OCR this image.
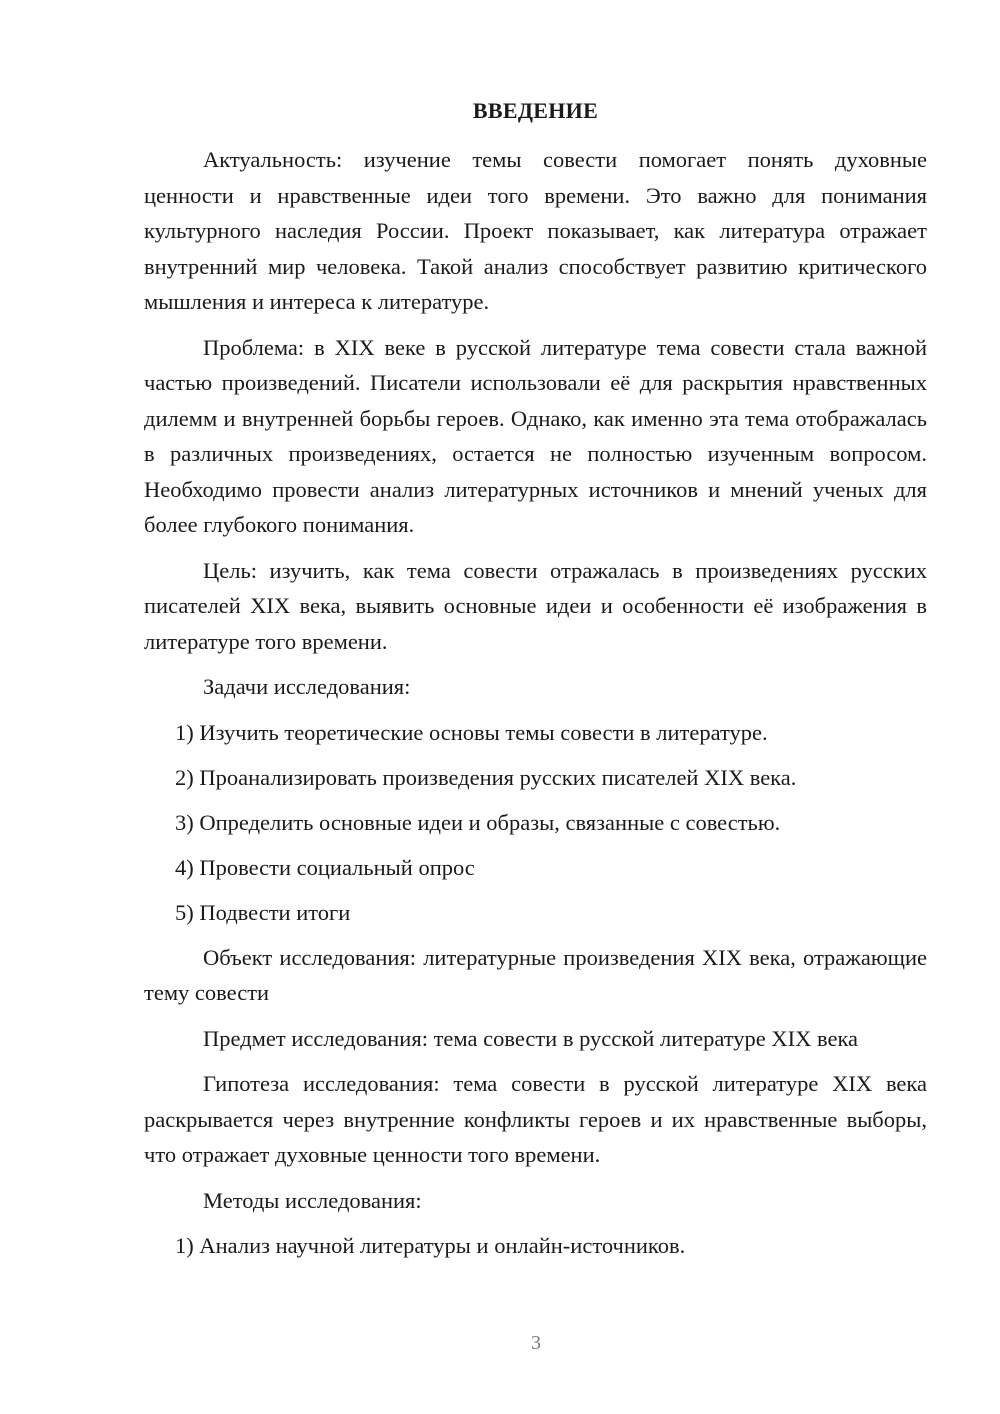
ВВЕДЕНИЕ

Актуальность: изучение темы совести помогает понять духовные ценности и нравственные идеи того времени. Это важно для понимания культурного наследия России. Проект показывает, как литература отражает внутренний мир человека. Такой анализ способствует развитию критического мышления и интереса к литературе.

Проблема: в XIX веке в русской литературе тема совести стала важной частью произведений. Писатели использовали её для раскрытия нравственных дилемм и внутренней борьбы героев. Однако, как именно эта тема отображалась в различных произведениях, остается не полностью изученным вопросом. Необходимо провести анализ литературных источников и мнений ученых для более глубокого понимания.

Цель: изучить, как тема совести отражалась в произведениях русских писателей XIX века, выявить основные идеи и особенности её изображения в литературе того времени.

Задачи исследования:

1) Изучить теоретические основы темы совести в литературе.
2) Проанализировать произведения русских писателей XIX века.
3) Определить основные идеи и образы, связанные с совестью.
4) Провести социальный опрос
5) Подвести итоги

Объект исследования: литературные произведения XIX века, отражающие тему совести

Предмет исследования: тема совести в русской литературе XIX века

Гипотеза исследования: тема совести в русской литературе XIX века раскрывается через внутренние конфликты героев и их нравственные выборы, что отражает духовные ценности того времени.

Методы исследования:

1) Анализ научной литературы и онлайн-источников.
3
